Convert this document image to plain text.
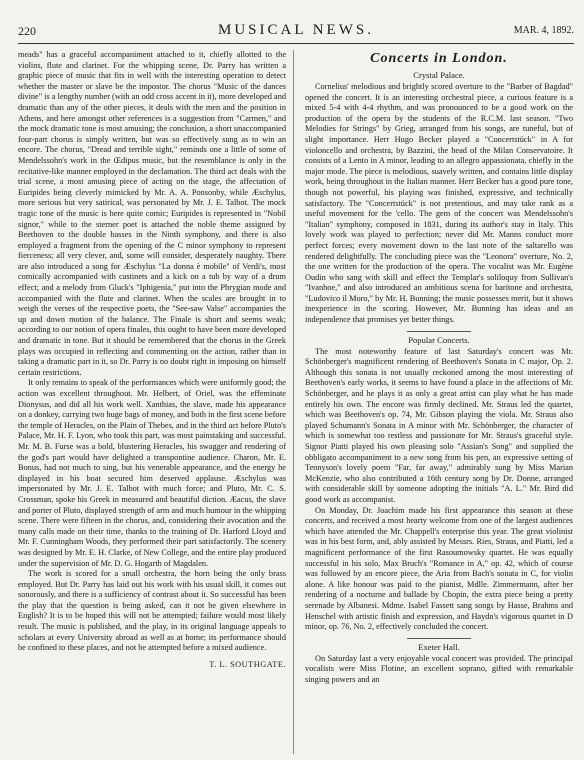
220	MUSICAL NEWS.	MAR. 4, 1892.

meads" has a graceful accompaniment attached to it, chiefly allotted to the violins, flute and clarinet. For the whipping scene, Dr. Parry has written a graphic piece of music that fits in well with the interesting operation to detect whether the master or slave be the impostor. The chorus "Music of the dances divine" is a lengthy number (with an odd cross accent in it), more developed and dramatic than any of the other pieces, it deals with the men and the position in Athens, and here amongst other references is a suggestion from "Carmen," and the mock dramatic tone is most amusing; the conclusion, a short unaccompanied four-part chorus is simply written, but was so effectively sung as to win an encore. The chorus, "Dread and terrible sight," reminds one a little of some of Mendelssohn's work in the Œdipus music, but the resemblance is only in the recitative-like manner employed in the declamation. The third act deals with the trial scene, a most amusing piece of acting on the stage, the affectation of Euripides being cleverly mimicked by Mr. A. A. Ponsonby, while Æschylus, more serious but very satirical, was personated by Mr. J. E. Talbot. The mock tragic tone of the music is here quite comic; Euripides is represented in "Nobil signor," while to the sterner poet is attached the noble theme assigned by Beethoven to the double basses in the Ninth symphony, and there is also employed a fragment from the opening of the C minor symphony to represent fierceness; all very clever, and, some will consider, desperately naughty. There are also introduced a song for Æschylus "La donna è mobile" of Verdi's, most comically accompanied with castinets and a kick on a tub by way of a drum effect; and a melody from Gluck's "Iphigenia," put into the Phrygian mode and accompanied with the flute and clarinet. When the scales are brought in to weigh the verses of the respective poets, the "See-saw Valse" accompanies the up and down motion of the balance. The Finale is short and seems weak; according to our notion of opera finales, this ought to have been more developed and dramatic in tone. But it should be remembered that the chorus in the Greek plays was occupied in reflecting and commenting on the action, rather than in taking a dramatic part in it, so Dr. Parry is no doubt right in imposing on himself certain restrictions.

It only remains to speak of the performances which were uniformly good; the action was excellent throughout. Mr. Helbert, of Oriel, was the effeminate Dionysus, and did all his work well. Xanthias, the slave, made his appearance on a donkey, carrying two huge bags of money, and both in the first scene before the temple of Heracles, on the Plain of Thebes, and in the third act before Pluto's Palace, Mr. H. F. Lyon, who took this part, was most painstaking and successful. Mr. M. B. Furse was a bold, blustering Heracles, his swagger and rendering of the god's part would have delighted a transpontine audience. Charon, Mr. E. Bonus, had not much to sing, but his venerable appearance, and the energy he displayed in his boat secured him deserved applause. Æschylus was impersonated by Mr. J. E. Talbot with much force; and Pluto, Mr. C. S. Crossman, spoke his Greek in measured and beautiful diction. Æacus, the slave and porter of Pluto, displayed strength of arm and much humour in the whipping scene. There were fifteen in the chorus, and, considering their avocation and the many calls made on their time, thanks to the training of Dr. Harford Lloyd and Mr. F. Cunningham Woods, they performed their part satisfactorily. The scenery was designed by Mr. E. H. Clarke, of New College, and the entire play produced under the supervision of Mr. D. G. Hogarth of Magdalen.

The work is scored for a small orchestra, the horn being the only brass employed. But Dr. Parry has laid out his work with his usual skill, it comes out sonorously, and there is a sufficiency of contrast about it. So successful has been the play that the question is being asked, can it not be given elsewhere in English? It is to be hoped this will not be attempted; failure would most likely result. The music is published, and the play, in its original language appeals to scholars at every University abroad as well as at home; its performance should be confined to these places, and not be attempted before a mixed audience.

T. L. SOUTHGATE.
Concerts in London.
Crystal Palace.

Cornelius' melodious and brightly scored overture to the "Barber of Bagdad" opened the concert. It is an interesting orchestral piece, a curious feature is a mixed 5-4 with 4-4 rhythm, and was pronounced to be a good work on the production of the opera by the students of the R.C.M. last season. "Two Melodies for Strings" by Grieg, arranged from his songs, are tuneful, but of slight importance. Herr Hugo Becker played a "Concertstück" in A for violoncello and orchestra, by Bazzini, the head of the Milan Conservatoire. It consists of a Lento in A minor, leading to an allegro appassionata, chiefly in the major mode. The piece is melodious, suavely written, and contains little display work, being throughout in the Italian manner. Herr Becker has a good pure tone, though not powerful, his playing was finished, expressive, and technically satisfactory. The "Concertstück" is not pretentious, and may take rank as a useful movement for the 'cello. The gem of the concert was Mendelssohn's "Italian" symphony, composed in 1831, during its author's stay in Italy. This lovely work was played to perfection; never did Mr. Manns conduct more perfect forces; every movement down to the last note of the saltarello was rendered delightfully. The concluding piece was the "Leonora" overture, No. 2, the one written for the production of the opera. The vocalist was Mr. Eugène Oudin who sang with skill and effect the Templar's soliloquy from Sullivan's "Ivanhoe," and also introduced an ambitious scena for baritone and orchestra, "Ludovico il Moro," by Mr. H. Bunning; the music possesses merit, but it shows inexperience in the scoring. However, Mr. Bunning has ideas and an independence that promises yet better things.

Popular Concerts.

The most noteworthy feature of last Saturday's concert was Mr. Schönberger's magnificent rendering of Beethoven's Sonata in C major, Op. 2. Although this sonata is not usually reckoned among the most interesting of Beethoven's early works, it seems to have found a place in the affections of Mr. Schönberger, and he plays it as only a great artist can play what he has made entirely his own. The encore was firmly declined. Mr. Straus led the quartet, which was Beethoven's op. 74, Mr. Gibson playing the viola. Mr. Straus also played Schumann's Sonata in A minor with Mr. Schönberger, the character of which is somewhat too restless and passionate for Mr. Straus's graceful style. Signor Piatti played his own pleasing solo "Assian's Song" and supplied the obbligato accompaniment to a new song from his pen, an expressive setting of Tennyson's lovely poem "Far, far away," admirably sung by Miss Marian McKenzie, who also contributed a 16th century song by Dr. Donne, arranged with considerable skill by someone adopting the initials "A. L." Mr. Bird did good work as accompanist.

On Monday, Dr. Joachim made his first appearance this season at these concerts, and received a most hearty welcome from one of the largest audiences which have attended the Mr. Chappell's enterprise this year. The great violinist was in his best form, and, ably assisted by Messrs. Ries, Straus, and Piatti, led a magnificent performance of the first Rasoumowsky quartet. He was equally successful in his solo, Max Bruch's "Romance in A," op. 42, which of course was followed by an encore piece, the Aria from Bach's sonata in C, for violin alone. A like honour was paid to the pianist, Mdlle. Zimmermann, after her rendering of a nocturne and ballade by Chopin, the extra piece being a pretty serenade by Albanesi. Mdme. Isabel Fassett sang songs by Hasse, Brahms and Henschel with artistic finish and expression, and Haydn's vigorous quartet in D minor, op. 76, No. 2, effectively concluded the concert.

Exeter Hall.

On Saturday last a very enjoyable vocal concert was provided. The principal vocalists were Miss Flotine, an excellent soprano, gifted with remarkable singing powers and an
